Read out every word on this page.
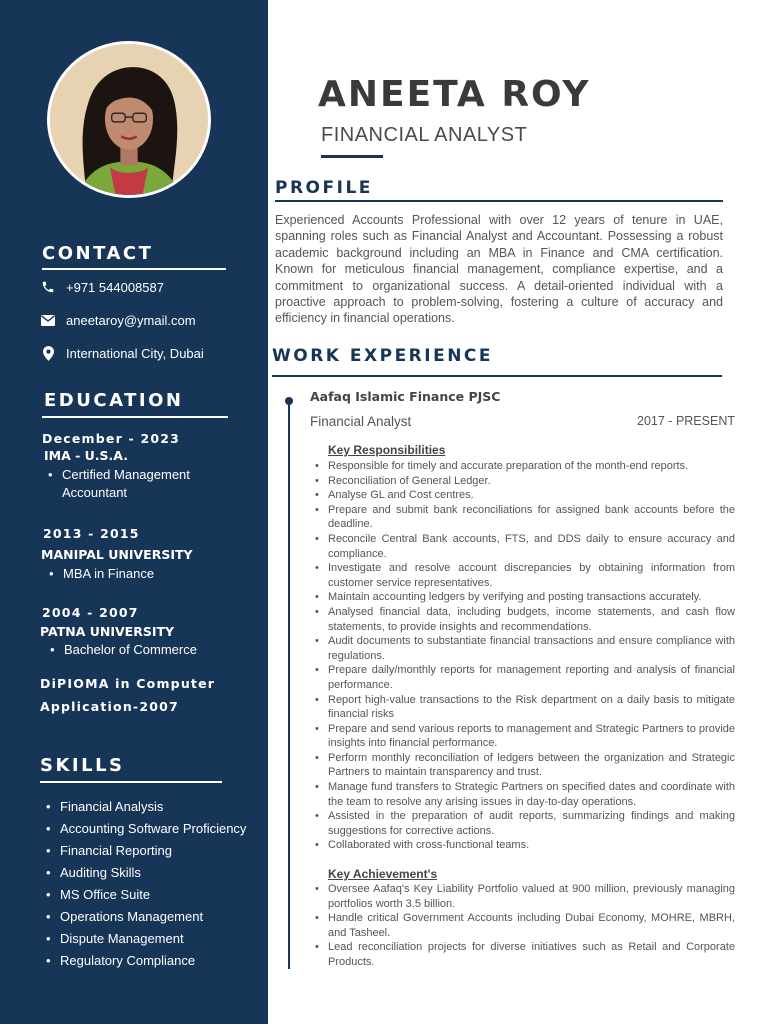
CONTACT
+971 544008587
aneetaroy@ymail.com
International City, Dubai
EDUCATION
December - 2023
IMA - U.S.A.
• Certified Management
Accountant
2013 - 2015
MANIPAL UNIVERSITY
• MBA in Finance
2004 - 2007
PATNA UNIVERSITY
• Bachelor of Commerce
DiPIOMA in Computer
Application-2007
SKILLS
• Financial Analysis
• Accounting Software Proficiency
• Financial Reporting
• Auditing Skills
• MS Office Suite
• Operations Management
• Dispute Management
• Regulatory Compliance
ANEETA ROY
FINANCIAL ANALYST
PROFILE

Experienced Accounts Professional with over 12 years of tenure in UAE, spanning roles such as Financial Analyst and Accountant. Possessing a robust academic background including an MBA in Finance and CMA certification. Known for meticulous financial management, compliance expertise, and a commitment to organizational success. A detail-oriented individual with a proactive approach to problem-solving, fostering a culture of accuracy and efficiency in financial operations.

WORK EXPERIENCE
Aafaq Islamic Finance PJSC
Financial Analyst	2017 - PRESENT
Key Responsibilities
• Responsible for timely and accurate preparation of the month-end reports.
• Reconciliation of General Ledger.
• Analyse GL and Cost centres.
• Prepare and submit bank reconciliations for assigned bank accounts before the deadline.
• Reconcile Central Bank accounts, FTS, and DDS daily to ensure accuracy and compliance.
• Investigate and resolve account discrepancies by obtaining information from customer service representatives.
• Maintain accounting ledgers by verifying and posting transactions accurately.
• Analysed financial data, including budgets, income statements, and cash flow statements, to provide insights and recommendations.
• Audit documents to substantiate financial transactions and ensure compliance with regulations.
• Prepare daily/monthly reports for management reporting and analysis of financial performance.
• Report high-value transactions to the Risk department on a daily basis to mitigate financial risks
• Prepare and send various reports to management and Strategic Partners to provide insights into financial performance.
• Perform monthly reconciliation of ledgers between the organization and Strategic Partners to maintain transparency and trust.
• Manage fund transfers to Strategic Partners on specified dates and coordinate with the team to resolve any arising issues in day-to-day operations.
• Assisted in the preparation of audit reports, summarizing findings and making suggestions for corrective actions.
• Collaborated with cross-functional teams.
Key Achievement's
• Oversee Aafaq's Key Liability Portfolio valued at 900 million, previously managing portfolios worth 3.5 billion.
• Handle critical Government Accounts including Dubai Economy, MOHRE, MBRH, and Tasheel.
• Lead reconciliation projects for diverse initiatives such as Retail and Corporate Products.
